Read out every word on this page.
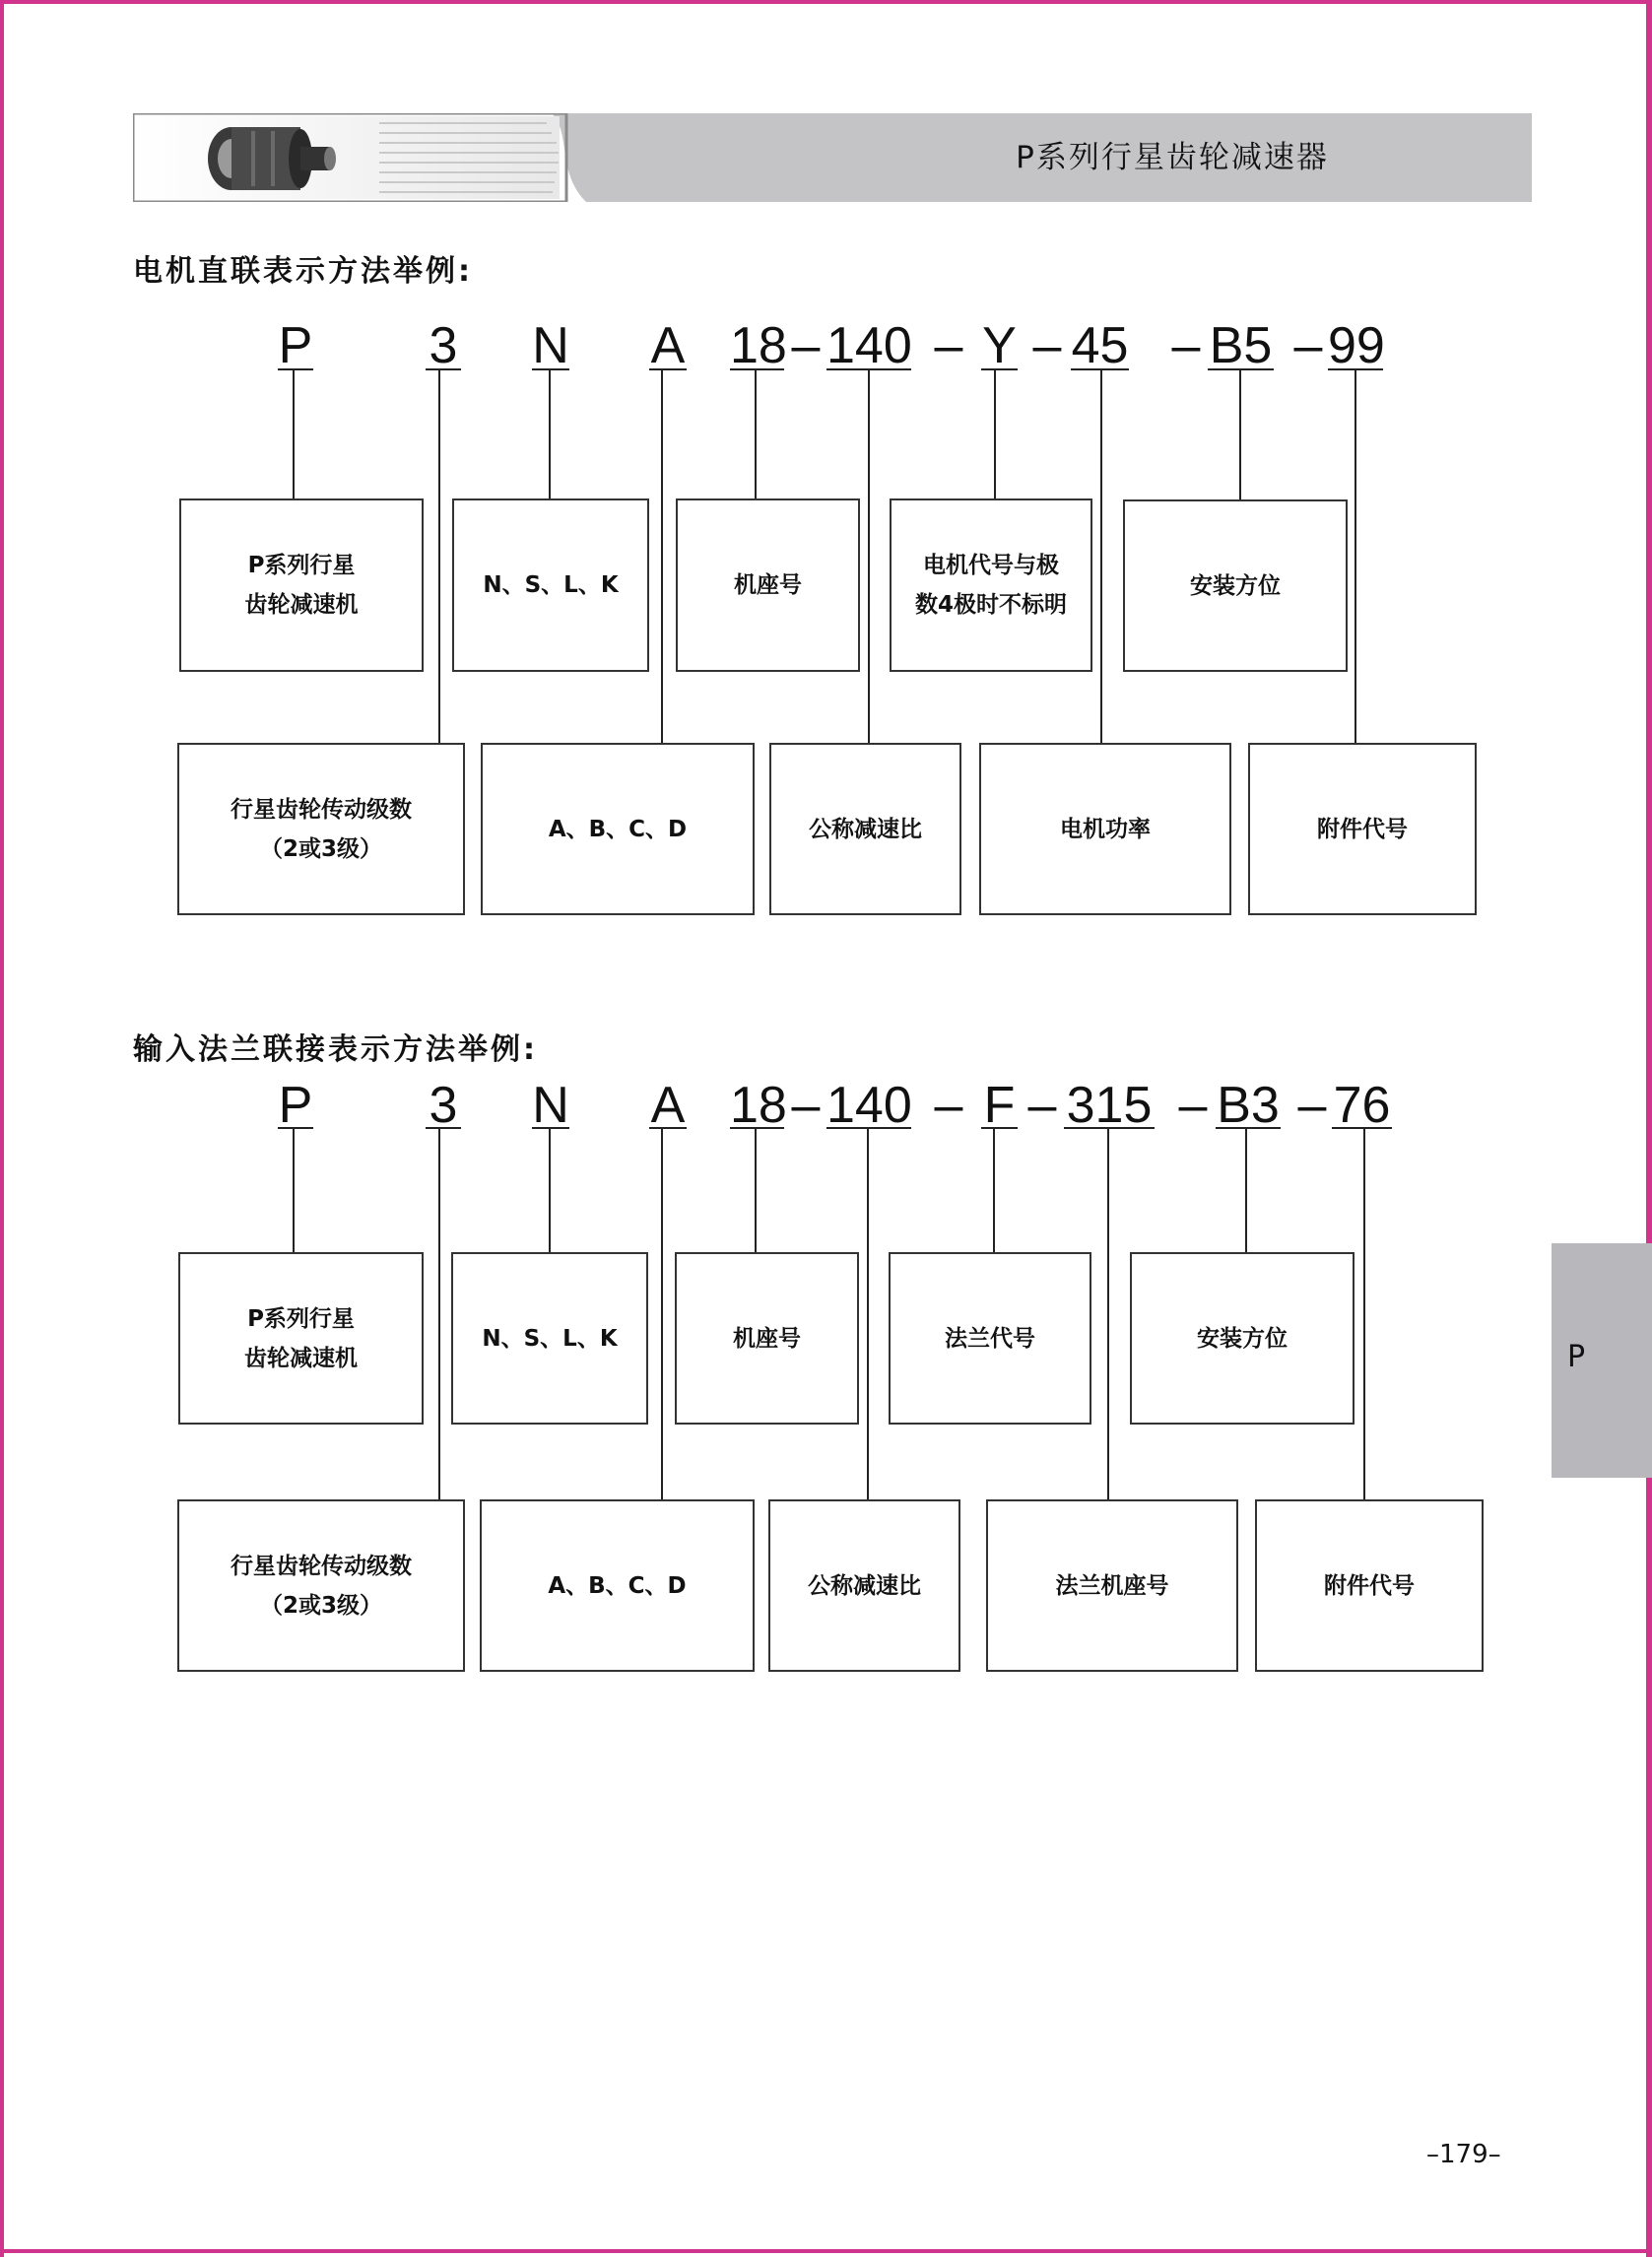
P系列行星齿轮减速器
电机直联表示方法举例:
P 3 N A 18 – 140 – Y – 45 – B5 – 99
P系列行星
齿轮减速机
N、S、L、K	机座号
电机代号与极
数4极时不标明
安装方位
行星齿轮传动级数
（2或3级）
A、B、C、D	公称减速比	电机功率	附件代号
输入法兰联接表示方法举例:
P 3 N A 18 – 140 – F – 315 – B3 – 76
P系列行星
齿轮减速机
N、S、L、K	机座号	法兰代号	安装方位
行星齿轮传动级数
（2或3级）
A、B、C、D	公称减速比	法兰机座号	附件代号
P
–179–
